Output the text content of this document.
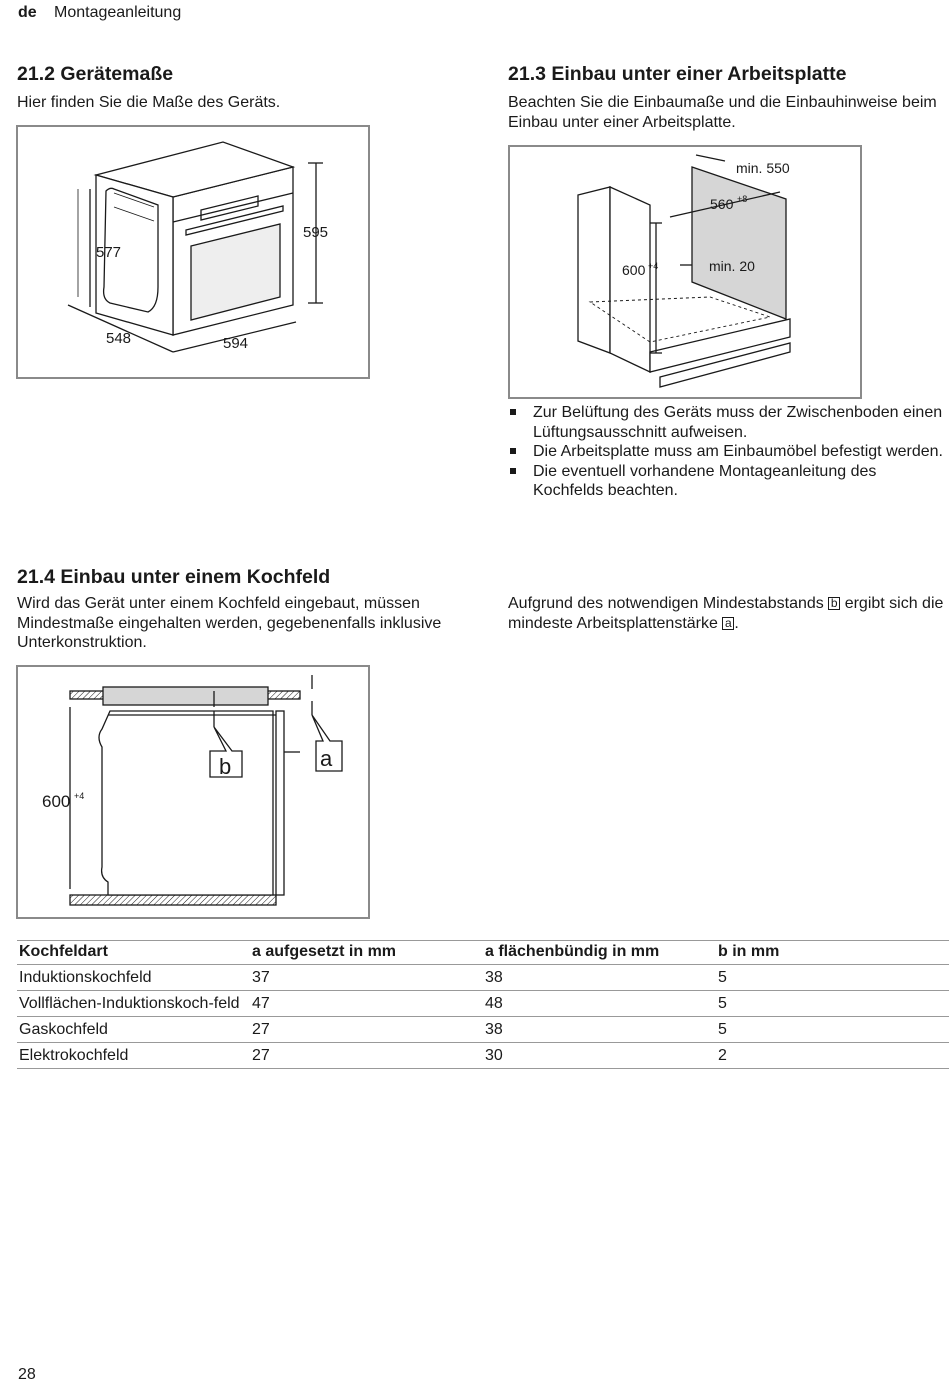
de Montageanleitung
21.2 Gerätemaße

Hier finden Sie die Maße des Geräts.

595
577
548	594
21.3 Einbau unter einer Arbeitsplatte

Beachten Sie die Einbaumaße und die Einbauhinweise beim Einbau unter einer Arbeitsplatte.

min. 550
560 +8
600 +4	min. 20
Zur Belüftung des Geräts muss der Zwischenboden einen Lüftungsausschnitt aufweisen.
Die Arbeitsplatte muss am Einbaumöbel befestigt werden.
Die eventuell vorhandene Montageanleitung des Kochfelds beachten.
21.4 Einbau unter einem Kochfeld

Wird das Gerät unter einem Kochfeld eingebaut, müssen Mindestmaße eingehalten werden, gegebenenfalls inklusive Unterkonstruktion.

Aufgrund des notwendigen Mindestabstands b ergibt sich die mindeste Arbeitsplattenstärke a .

600 +4
b	a
Kochfeldart	a aufgesetzt in mm	a flächenbündig in mm	b in mm
Induktionskochfeld	37	38	5
Vollflächen-Induktionskoch-feld	47	48	5
Gaskochfeld	27	38	5
Elektrokochfeld	27	30	2
28
